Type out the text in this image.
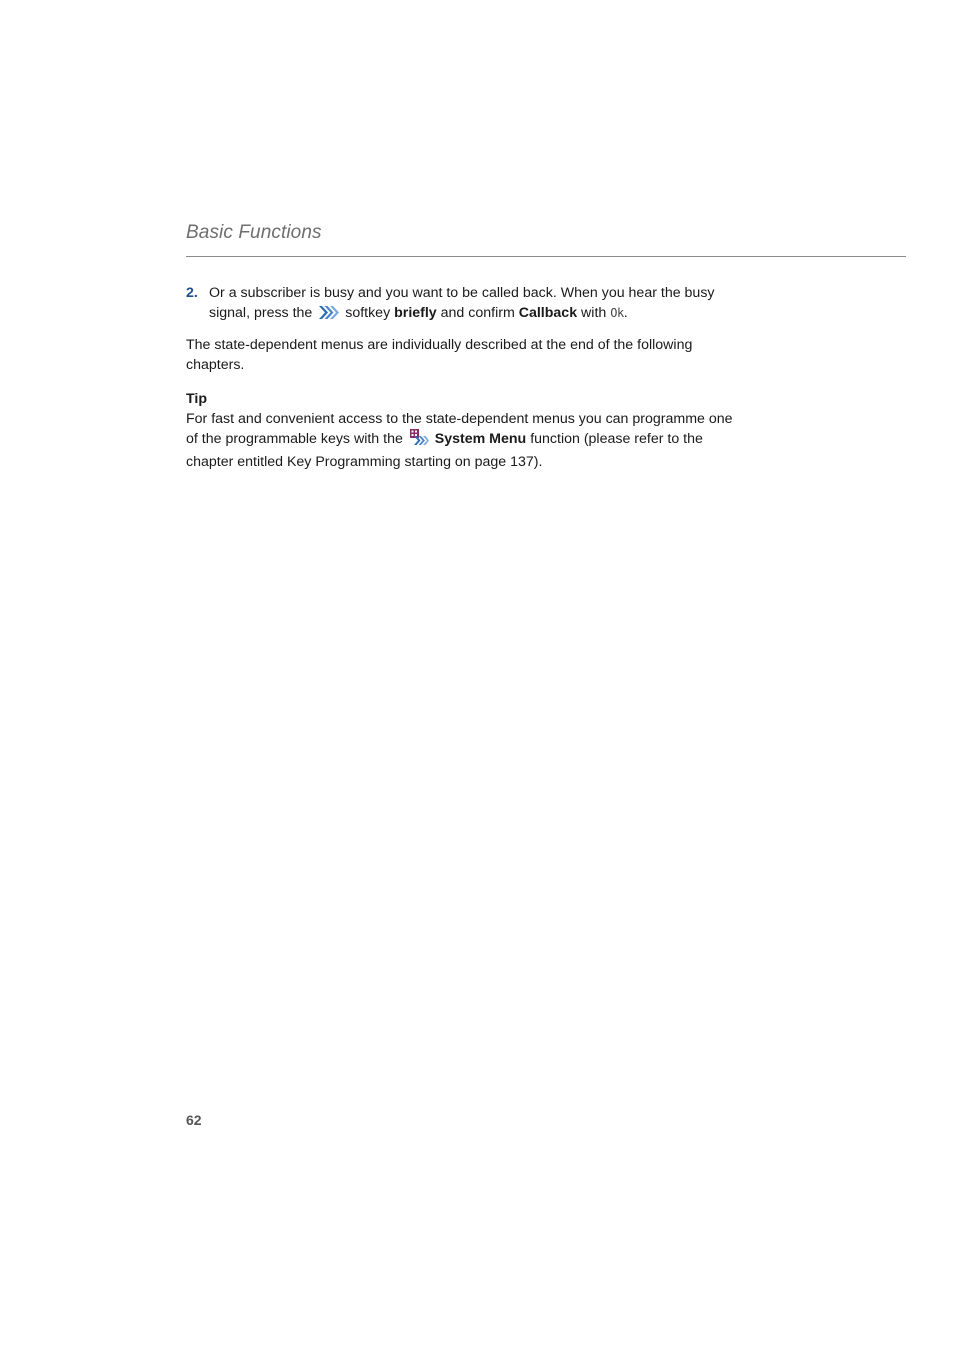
Basic Functions

2. Or a subscriber is busy and you want to be called back. When you hear the busy signal, press the softkey briefly and confirm Callback with Ok.

The state-dependent menus are individually described at the end of the following chapters.

Tip

For fast and convenient access to the state-dependent menus you can programme one of the programmable keys with the System Menu function (please refer to the chapter entitled Key Programming starting on page 137).

62
